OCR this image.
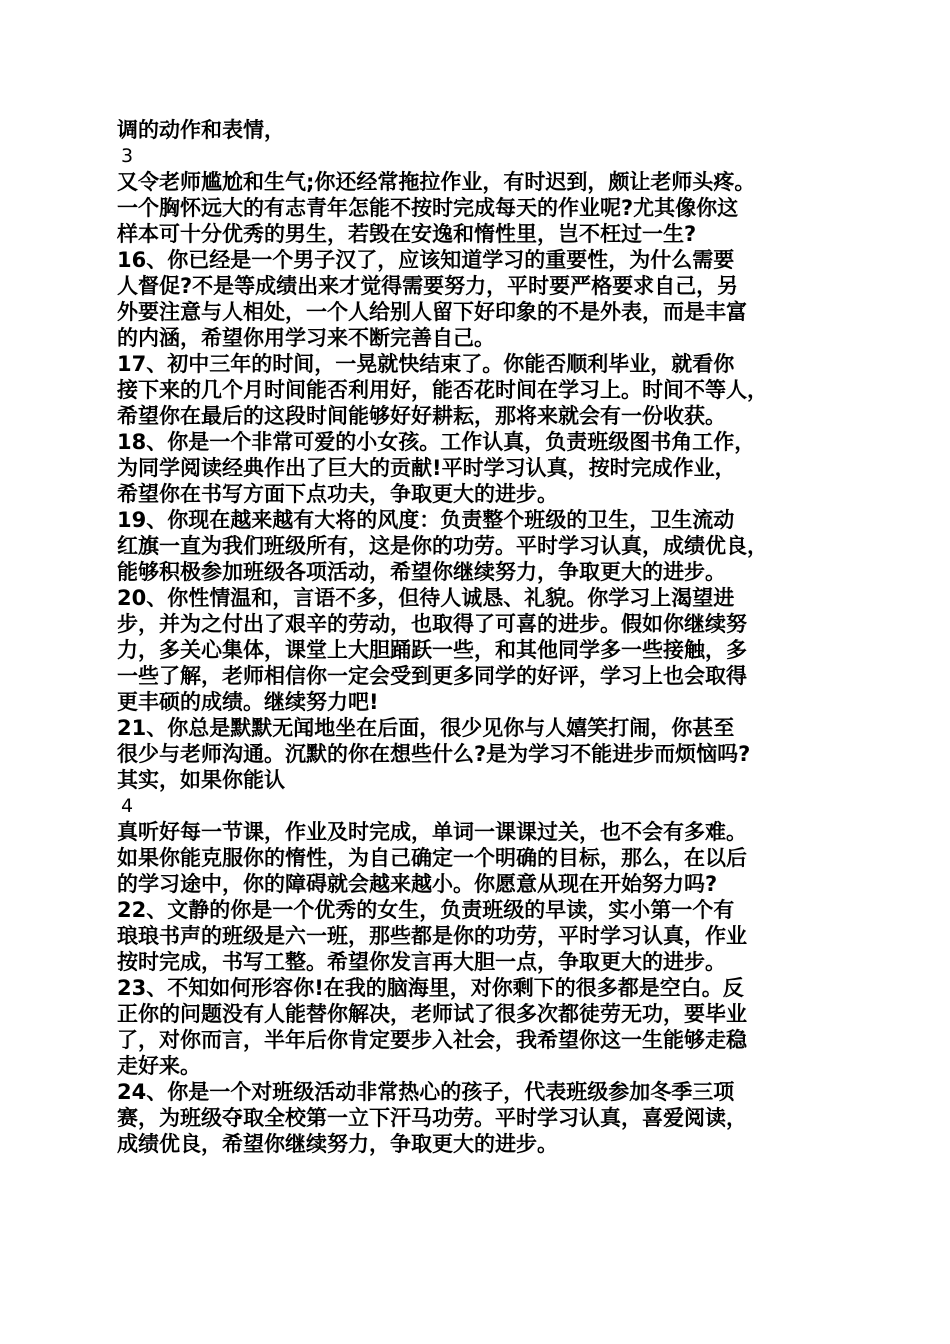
调的动作和表情，
3
又令老师尴尬和生气;你还经常拖拉作业，有时迟到，颇让老师头疼。
一个胸怀远大的有志青年怎能不按时完成每天的作业呢?尤其像你这
样本可十分优秀的男生，若毁在安逸和惰性里，岂不枉过一生?
16、你已经是一个男子汉了，应该知道学习的重要性，为什么需要
人督促?不是等成绩出来才觉得需要努力，平时要严格要求自己，另
外要注意与人相处，一个人给别人留下好印象的不是外表，而是丰富
的内涵，希望你用学习来不断完善自己。
17、初中三年的时间，一晃就快结束了。你能否顺利毕业，就看你
接下来的几个月时间能否利用好，能否花时间在学习上。时间不等人，
希望你在最后的这段时间能够好好耕耘，那将来就会有一份收获。
18、你是一个非常可爱的小女孩。工作认真，负责班级图书角工作，
为同学阅读经典作出了巨大的贡献!平时学习认真，按时完成作业，
希望你在书写方面下点功夫，争取更大的进步。
19、你现在越来越有大将的风度：负责整个班级的卫生，卫生流动
红旗一直为我们班级所有，这是你的功劳。平时学习认真，成绩优良，
能够积极参加班级各项活动，希望你继续努力，争取更大的进步。
20、你性情温和，言语不多，但待人诚恳、礼貌。你学习上渴望进
步，并为之付出了艰辛的劳动，也取得了可喜的进步。假如你继续努
力，多关心集体，课堂上大胆踊跃一些，和其他同学多一些接触，多
一些了解，老师相信你一定会受到更多同学的好评，学习上也会取得
更丰硕的成绩。继续努力吧!
21、你总是默默无闻地坐在后面，很少见你与人嬉笑打闹，你甚至
很少与老师沟通。沉默的你在想些什么?是为学习不能进步而烦恼吗?
其实，如果你能认
4
真听好每一节课，作业及时完成，单词一课课过关，也不会有多难。
如果你能克服你的惰性，为自己确定一个明确的目标，那么，在以后
的学习途中，你的障碍就会越来越小。你愿意从现在开始努力吗?
22、文静的你是一个优秀的女生，负责班级的早读，实小第一个有
琅琅书声的班级是六一班，那些都是你的功劳，平时学习认真，作业
按时完成，书写工整。希望你发言再大胆一点，争取更大的进步。
23、不知如何形容你!在我的脑海里，对你剩下的很多都是空白。反
正你的问题没有人能替你解决，老师试了很多次都徒劳无功，要毕业
了，对你而言，半年后你肯定要步入社会，我希望你这一生能够走稳
走好来。
24、你是一个对班级活动非常热心的孩子，代表班级参加冬季三项
赛，为班级夺取全校第一立下汗马功劳。平时学习认真，喜爱阅读，
成绩优良，希望你继续努力，争取更大的进步。
